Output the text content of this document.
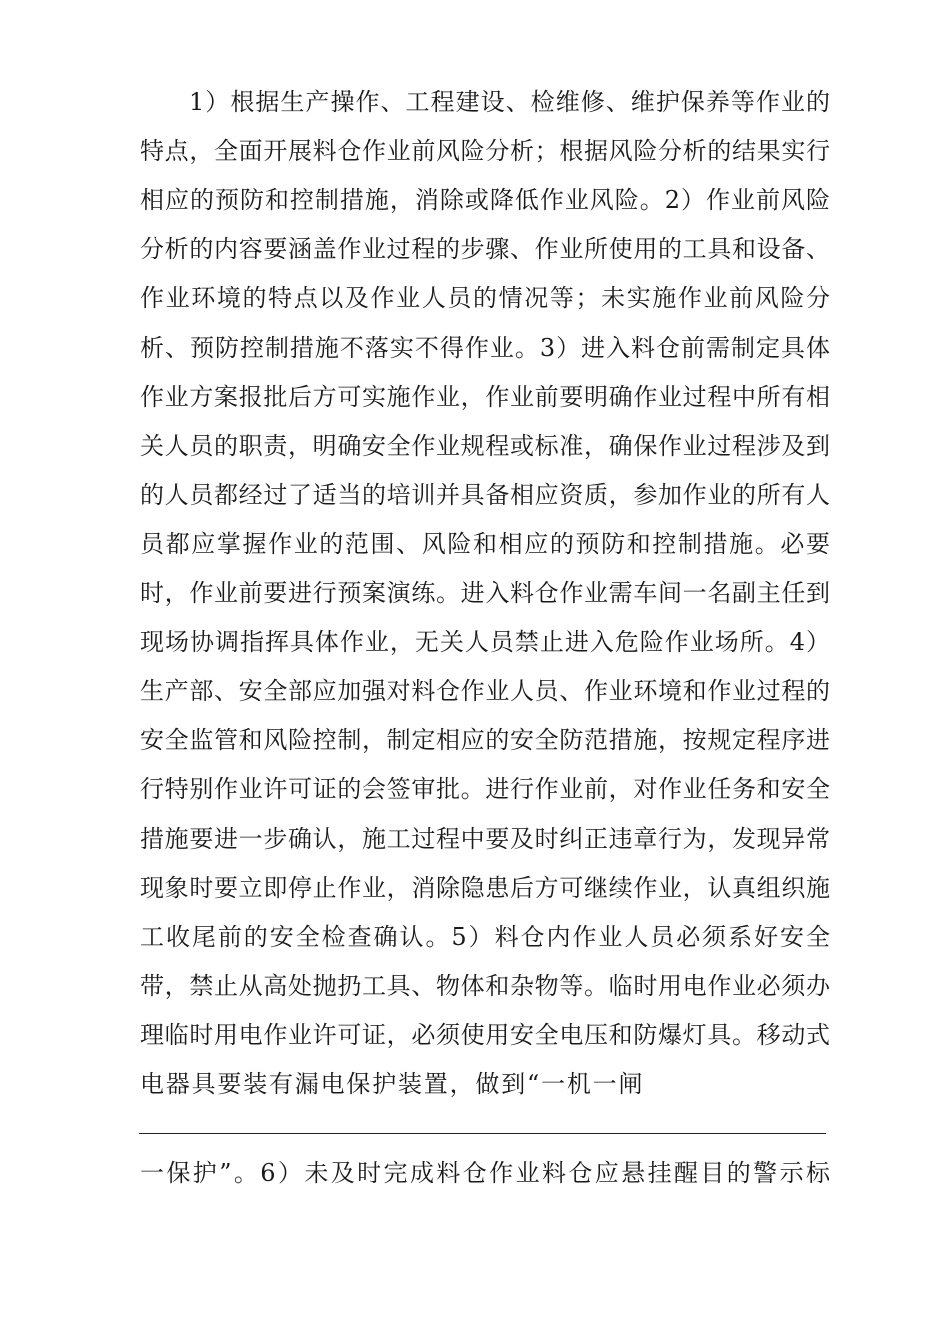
1）根据生产操作、工程建设、检维修、维护保养等作业的
特点，全面开展料仓作业前风险分析；根据风险分析的结果实行
相应的预防和控制措施，消除或降低作业风险。2）作业前风险
分析的内容要涵盖作业过程的步骤、作业所使用的工具和设备、
作业环境的特点以及作业人员的情况等；未实施作业前风险分
析、预防控制措施不落实不得作业。3）进入料仓前需制定具体
作业方案报批后方可实施作业，作业前要明确作业过程中所有相
关人员的职责，明确安全作业规程或标准，确保作业过程涉及到
的人员都经过了适当的培训并具备相应资质，参加作业的所有人
员都应掌握作业的范围、风险和相应的预防和控制措施。必要
时，作业前要进行预案演练。进入料仓作业需车间一名副主任到
现场协调指挥具体作业，无关人员禁止进入危险作业场所。4）
生产部、安全部应加强对料仓作业人员、作业环境和作业过程的
安全监管和风险控制，制定相应的安全防范措施，按规定程序进
行特别作业许可证的会签审批。进行作业前，对作业任务和安全
措施要进一步确认，施工过程中要及时纠正违章行为，发现异常
现象时要立即停止作业，消除隐患后方可继续作业，认真组织施
工收尾前的安全检查确认。5）料仓内作业人员必须系好安全
带，禁止从高处抛扔工具、物体和杂物等。临时用电作业必须办
理临时用电作业许可证，必须使用安全电压和防爆灯具。移动式
电器具要装有漏电保护装置，做到“一机一闸
一保护”。6）未及时完成料仓作业料仓应悬挂醒目的警示标
